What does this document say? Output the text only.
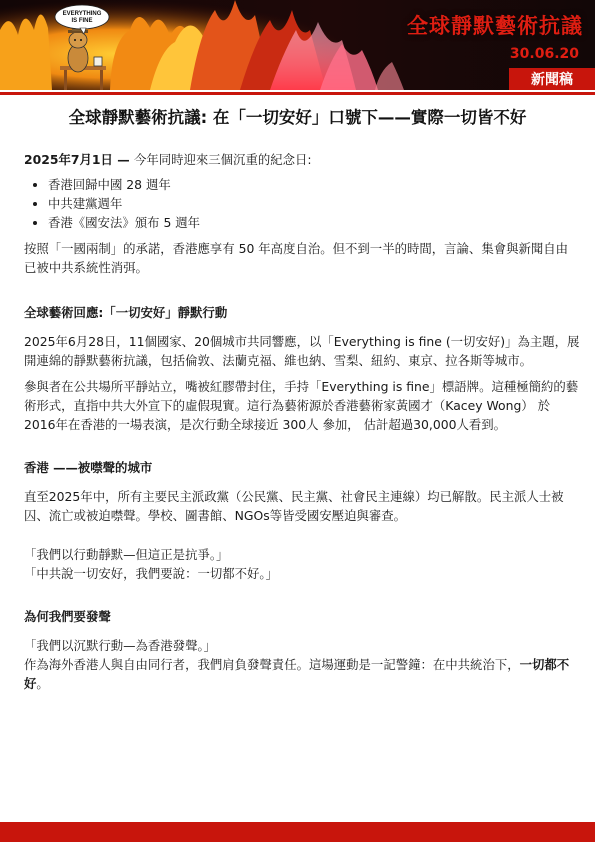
EVERYTHING
IS FINE	全球靜默藝術抗議
30.06.20
新聞稿
全球靜默藝術抗議: 在「一切安好」口號下——實際一切皆不好

2025年7月1日 — 今年同時迎來三個沉重的紀念日:

• 香港回歸中國 28 週年
• 中共建黨週年
• 香港《國安法》頒布 5 週年

按照「一國兩制」的承諾，香港應享有 50 年高度自治。但不到一半的時間，言論、集會與新聞自由已被中共系統性消弭。

全球藝術回應:「一切安好」靜默行動

2025年6月28日，11個國家、20個城市共同響應，以「Everything is fine (一切安好)」為主題，展開連綿的靜默藝術抗議，包括倫敦、法蘭克福、維也納、雪梨、紐約、東京、拉各斯等城市。

參與者在公共場所平靜站立，嘴被紅膠帶封住，手持「Everything is fine」標語牌。這種極簡約的藝術形式，直指中共大外宣下的虛假現實。這行為藝術源於香港藝術家黃國才（Kacey Wong） 於2016年在香港的一場表演，是次行動全球接近 300人 參加， 估計超過30,000人看到。

香港 ——被噤聲的城市

直至2025年中，所有主要民主派政黨（公民黨、民主黨、社會民主連線）均已解散。民主派人士被囚、流亡或被迫噤聲。學校、圖書館、NGOs等皆受國安壓迫與審查。

「我們以行動靜默—但這正是抗爭。」

「中共說一切安好，我們要說：一切都不好。」

為何我們要發聲

「我們以沉默行動—為香港發聲。」

作為海外香港人與自由同行者，我們肩負發聲責任。這場運動是一記警鐘：在中共統治下，一切都不好。
